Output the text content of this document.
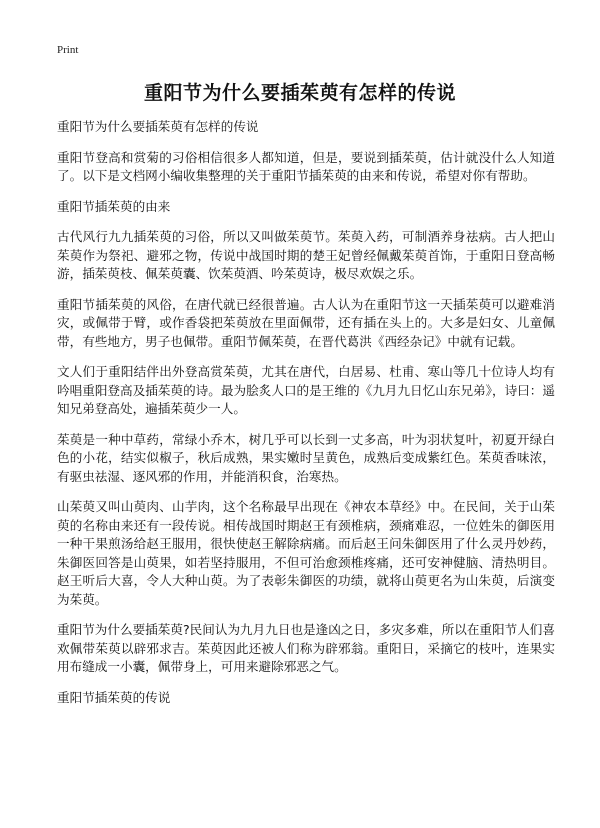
Print
重阳节为什么要插茱萸有怎样的传说
重阳节为什么要插茱萸有怎样的传说

重阳节登高和赏菊的习俗相信很多人都知道，但是，要说到插茱萸，估计就没什么人知道了。以下是文档网小编收集整理的关于重阳节插茱萸的由来和传说，希望对你有帮助。

重阳节插茱萸的由来

古代风行九九插茱萸的习俗，所以又叫做茱萸节。茱萸入药，可制酒养身祛病。古人把山茱萸作为祭祀、避邪之物，传说中战国时期的楚王妃曾经佩戴茱萸首饰，于重阳日登高畅游，插茱萸枝、佩茱萸囊、饮茱萸酒、吟茱萸诗，极尽欢娱之乐。

重阳节插茱萸的风俗，在唐代就已经很普遍。古人认为在重阳节这一天插茱萸可以避难消灾，或佩带于臂，或作香袋把茱萸放在里面佩带，还有插在头上的。大多是妇女、儿童佩带，有些地方，男子也佩带。重阳节佩茱萸，在晋代葛洪《西经杂记》中就有记载。

文人们于重阳结伴出外登高赏茱萸，尤其在唐代，白居易、杜甫、寒山等几十位诗人均有吟唱重阳登高及插茱萸的诗。最为脍炙人口的是王维的《九月九日忆山东兄弟》，诗曰：遥知兄弟登高处，遍插茱萸少一人。

茱萸是一种中草药，常绿小乔木，树几乎可以长到一丈多高，叶为羽状复叶，初夏开绿白色的小花，结实似椒子，秋后成熟，果实嫩时呈黄色，成熟后变成紫红色。茱萸香味浓，有驱虫祛湿、逐风邪的作用，并能消积食，治寒热。

山茱萸又叫山萸肉、山芋肉，这个名称最早出现在《神农本草经》中。在民间，关于山茱萸的名称由来还有一段传说。相传战国时期赵王有颈椎病，颈痛难忍，一位姓朱的御医用一种干果煎汤给赵王服用，很快使赵王解除病痛。而后赵王问朱御医用了什么灵丹妙药，朱御医回答是山萸果，如若坚持服用，不但可治愈颈椎疼痛，还可安神健脑、清热明目。赵王听后大喜，令人大种山萸。为了表彰朱御医的功绩，就将山萸更名为山朱萸，后演变为茱萸。

重阳节为什么要插茱萸?民间认为九月九日也是逢凶之日，多灾多难，所以在重阳节人们喜欢佩带茱萸以辟邪求吉。茱萸因此还被人们称为辟邪翁。重阳日，采摘它的枝叶，连果实用布缝成一小囊，佩带身上，可用来避除邪恶之气。

重阳节插茱萸的传说
